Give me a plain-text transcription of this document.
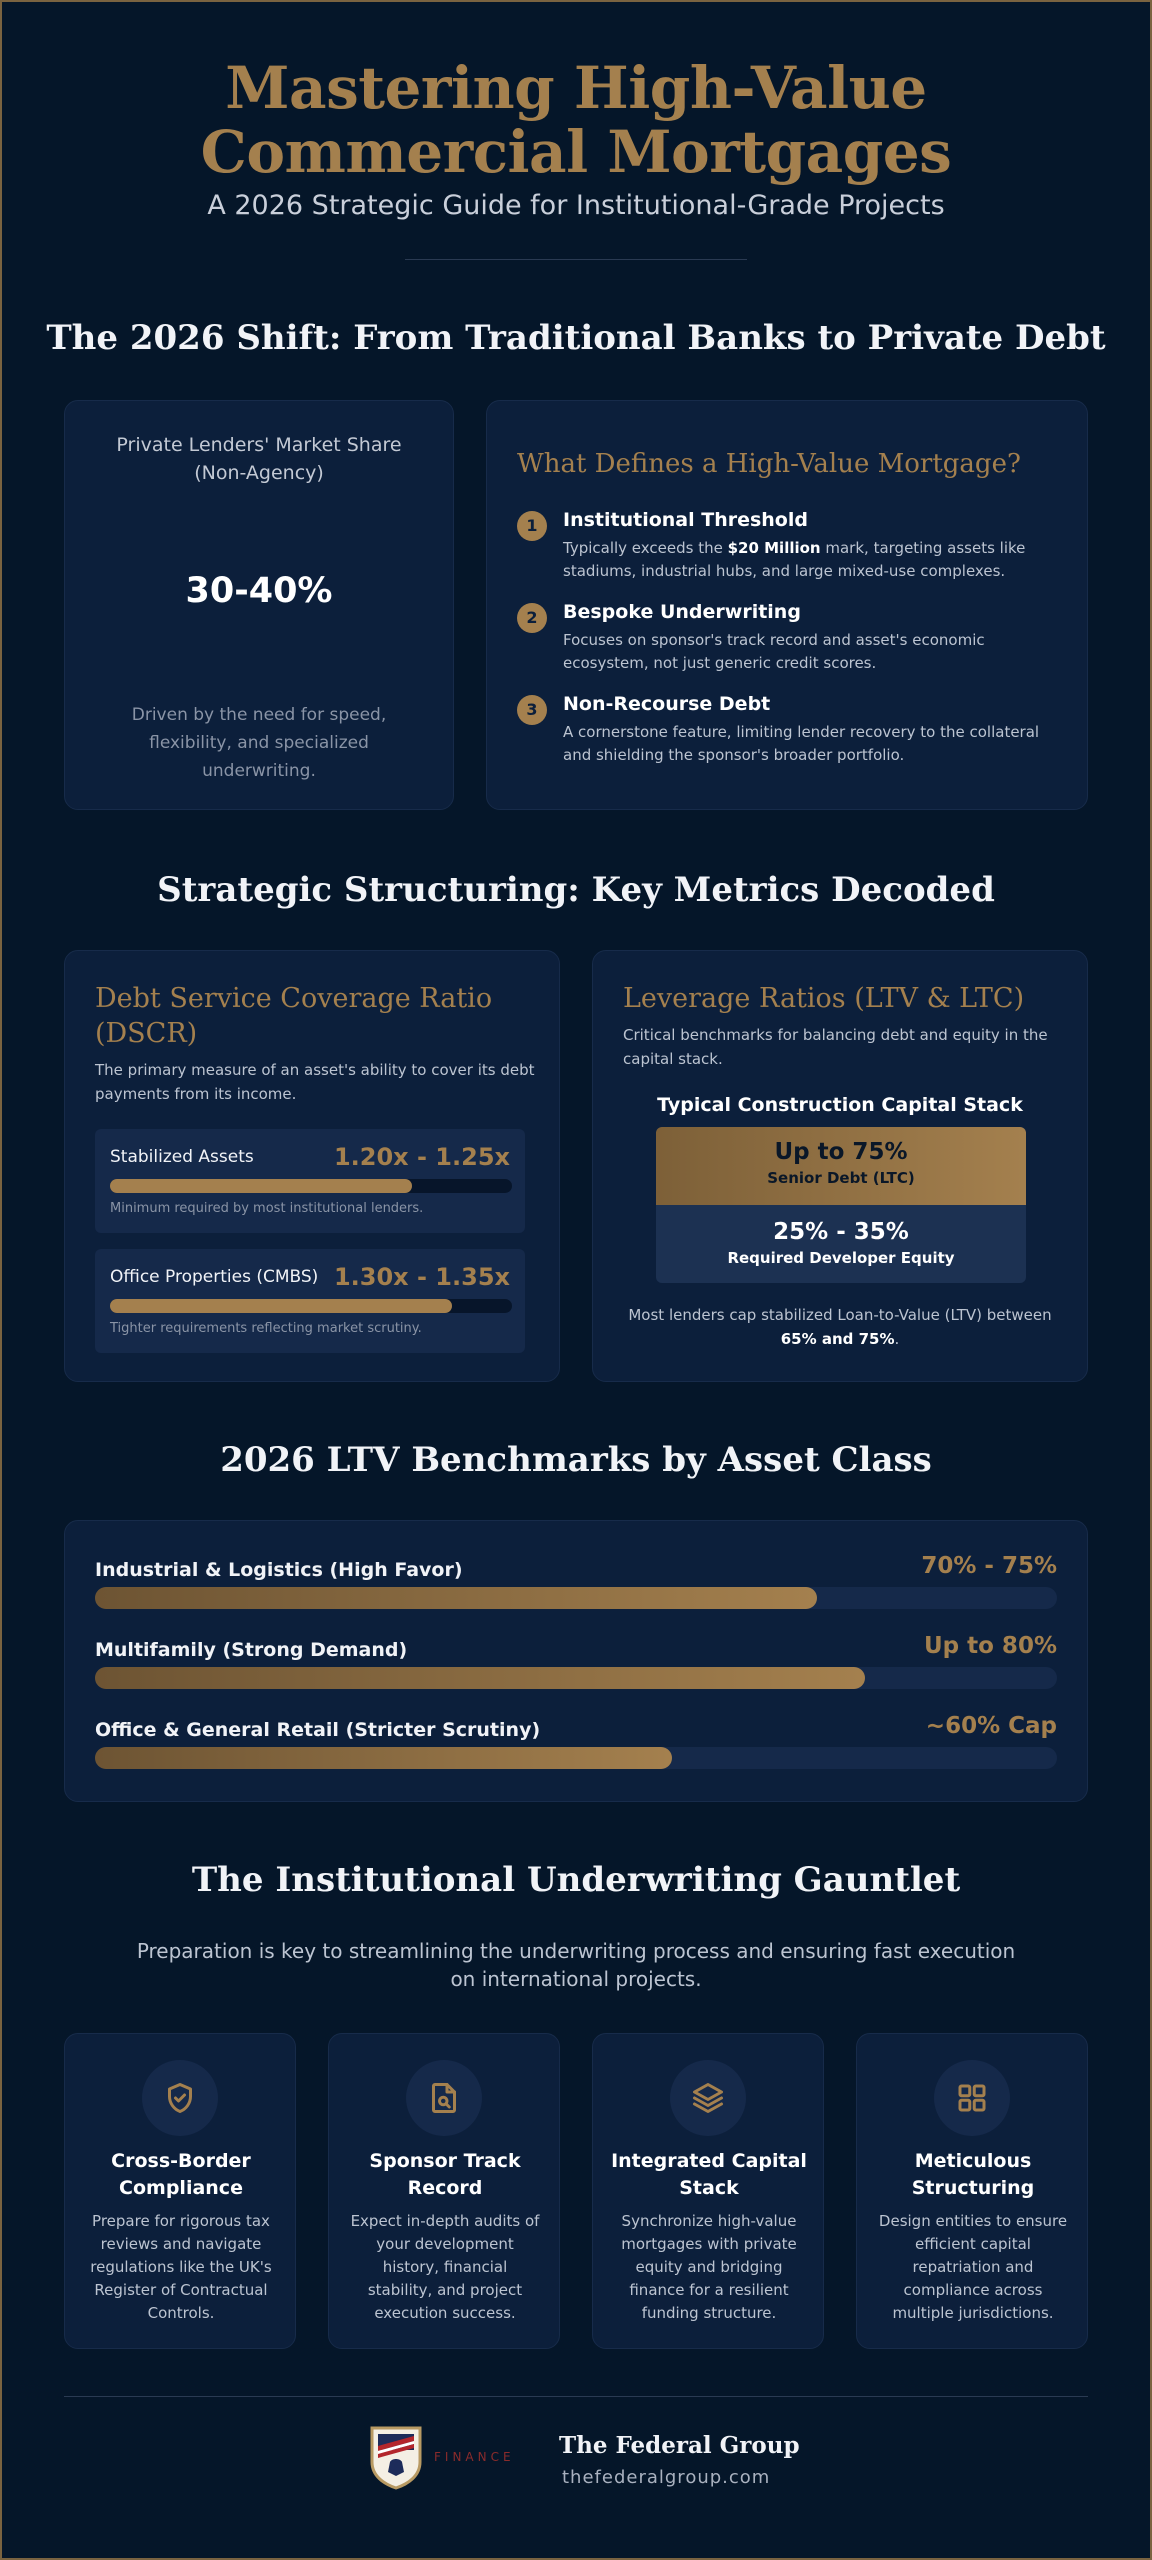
Mastering High-Value Commercial Mortgages
A 2026 Strategic Guide for Institutional-Grade Projects
The 2026 Shift: From Traditional Banks to Private Debt
Private Lenders' Market Share (Non-Agency)
30-40%
Driven by the need for speed, flexibility, and specialized underwriting.
What Defines a High-Value Mortgage?
1	Institutional Threshold
Typically exceeds the $20 Million mark, targeting assets like stadiums, industrial hubs, and large mixed-use complexes.
2	Bespoke Underwriting
Focuses on sponsor's track record and asset's economic ecosystem, not just generic credit scores.
3	Non-Recourse Debt
A cornerstone feature, limiting lender recovery to the collateral and shielding the sponsor's broader portfolio.
Strategic Structuring: Key Metrics Decoded
Debt Service Coverage Ratio (DSCR)
The primary measure of an asset's ability to cover its debt payments from its income.
Stabilized Assets	1.20x - 1.25x
Minimum required by most institutional lenders.
Office Properties (CMBS) 1.30x - 1.35x
Tighter requirements reflecting market scrutiny.
Leverage Ratios (LTV & LTC)
Critical benchmarks for balancing debt and equity in the capital stack.
Typical Construction Capital Stack
Up to 75%
Senior Debt (LTC)
25% - 35%
Required Developer Equity
Most lenders cap stabilized Loan-to-Value (LTV) between 65% and 75%.
2026 LTV Benchmarks by Asset Class
Industrial & Logistics (High Favor)	70% - 75%
Multifamily (Strong Demand)	Up to 80%
Office & General Retail (Stricter Scrutiny)	~60% Cap
The Institutional Underwriting Gauntlet
Preparation is key to streamlining the underwriting process and ensuring fast execution on international projects.
Cross-Border Compliance
Prepare for rigorous tax reviews and navigate regulations like the UK's Register of Contractual Controls.
Sponsor Track Record
Expect in-depth audits of your development history, financial stability, and project execution success.
Integrated Capital Stack
Synchronize high-value mortgages with private equity and bridging finance for a resilient funding structure.
Meticulous Structuring
Design entities to ensure efficient capital repatriation and compliance across multiple jurisdictions.
FINANCE The Federal Group
thefederalgroup.com
